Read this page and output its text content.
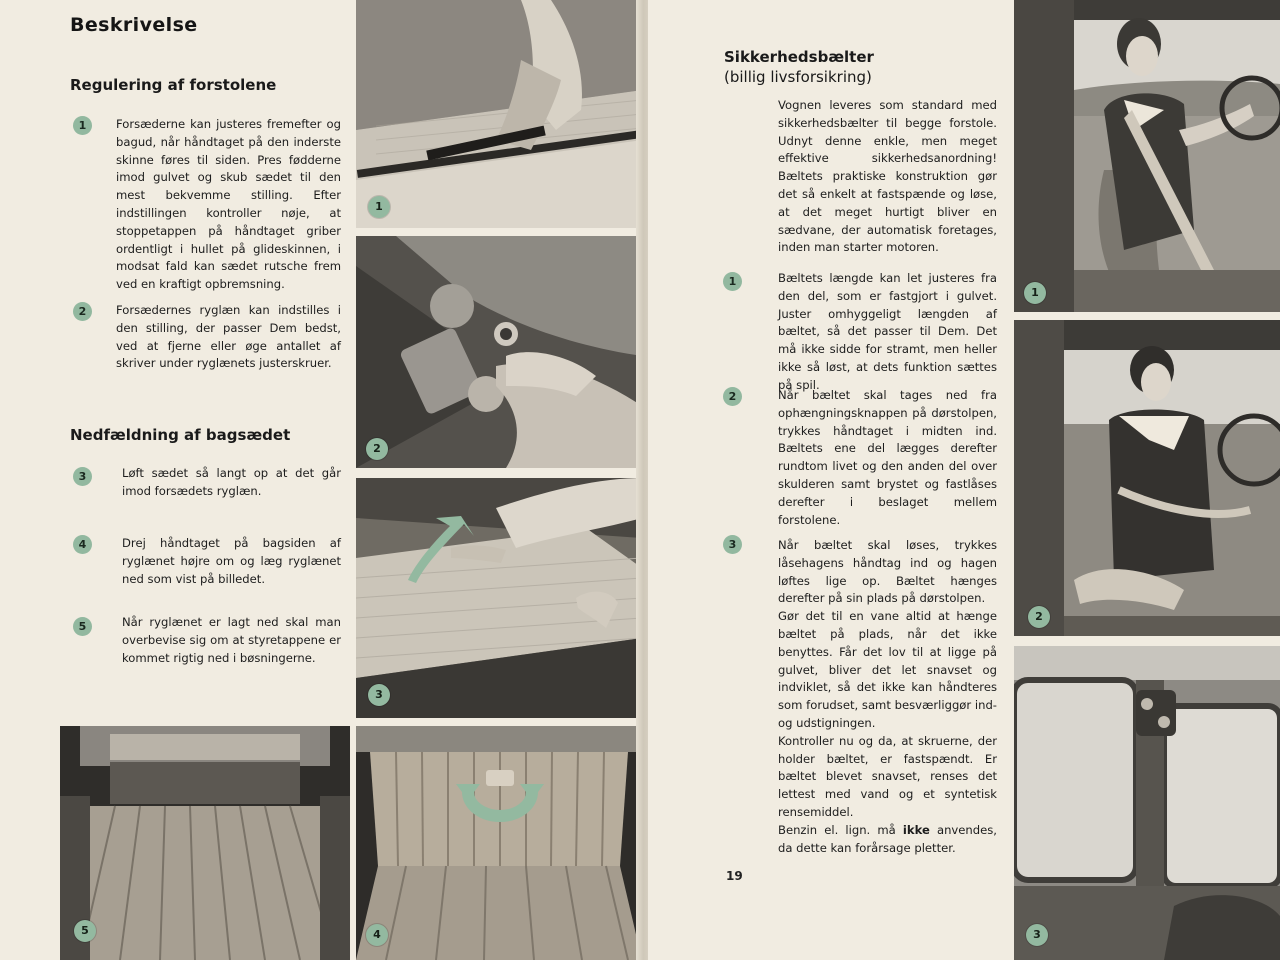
Beskrivelse
Regulering af forstolene
1	Forsæderne kan justeres fremefter og bagud, når håndtaget på den inderste skinne føres til siden. Pres fødderne imod gulvet og skub sædet til den mest bekvemme stilling. Efter indstillingen kontroller nøje, at stoppetappen på håndtaget griber ordentligt i hullet på glideskinnen, i modsat fald kan sædet rutsche frem ved en kraftigt opbremsning.

2	Forsædernes ryglæn kan indstilles i den stilling, der passer Dem bedst, ved at fjerne eller øge antallet af skriver under ryglænets justerskruer.

Nedfældning af bagsædet
3	Løft sædet så langt op at det går imod forsædets ryglæn.

4	Drej håndtaget på bagsiden af ryglænet højre om og læg ryglænet ned som vist på billedet.

5	Når ryglænet er lagt ned skal man overbevise sig om at styretappene er kommet rigtig ned i bøsningerne.

1
2
3
5	4
Sikkerhedsbælter

(billig livsforsikring)

Vognen leveres som standard med sikkerhedsbælter til begge forstole. Udnyt denne enkle, men meget effektive sikkerhedsanordning! Bæltets praktiske konstruktion gør det så enkelt at fastspænde og løse, at det meget hurtigt bliver en sædvane, der automatisk foretages, inden man starter motoren.

1	Bæltets længde kan let justeres fra den del, som er fastgjort i gulvet. Juster omhyggeligt længden af bæltet, så det passer til Dem. Det må ikke sidde for stramt, men heller ikke så løst, at dets funktion sættes på spil.

2	Når bæltet skal tages ned fra ophængningsknappen på dørstolpen, trykkes håndtaget i midten ind. Bæltets ene del lægges derefter rundtom livet og den anden del over skulderen samt brystet og fastlåses derefter i beslaget mellem forstolene.

3	Når bæltet skal løses, trykkes låsehagens håndtag ind og hagen løftes lige op. Bæltet hænges derefter på sin plads på dørstolpen.
Gør det til en vane altid at hænge bæltet på plads, når det ikke benyttes. Får det lov til at ligge på gulvet, bliver det let snavset og indviklet, så det ikke kan håndteres som forudset, samt besværliggør ind- og udstigningen.
Kontroller nu og da, at skruerne, der holder bæltet, er fastspændt. Er bæltet blevet snavset, renses det lettest med vand og et syntetisk rensemiddel.
Benzin el. lign. må ikke anvendes, da dette kan forårsage pletter.

19

1
2
3
